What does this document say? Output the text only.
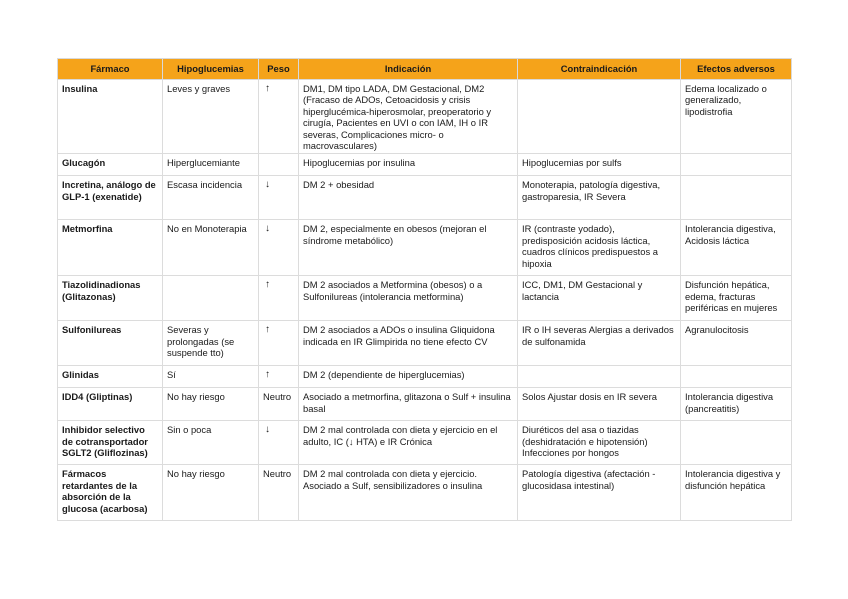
Fármaco	Hipoglucemias	Peso	Indicación	Contraindicación	Efectos adversos
Insulina	Leves y graves	↑	DM1, DM tipo LADA, DM Gestacional, DM2 (Fracaso de ADOs, Cetoacidosis y crisis hiperglucémica-hiperosmolar, preoperatorio y cirugía, Pacientes en UVI o con IAM, IH o IR severas, Complicaciones micro- o macrovasculares)		Edema localizado o generalizado, lipodistrofia
Glucagón	Hiperglucemiante		Hipoglucemias por insulina	Hipoglucemias por sulfs	
Incretina, análogo de GLP-1 (exenatide)	Escasa incidencia	↓	DM 2 + obesidad	Monoterapia, patología digestiva, gastroparesia, IR Severa	
Metmorfina	No en Monoterapia	↓	DM 2, especialmente en obesos (mejoran el síndrome metabólico)	IR (contraste yodado), predisposición acidosis láctica, cuadros clínicos predispuestos a hipoxia	Intolerancia digestiva, Acidosis láctica
Tiazolidinadionas (Glitazonas)		↑	DM 2 asociados a Metformina (obesos) o a Sulfonilureas (intolerancia metformina)	ICC, DM1, DM Gestacional y lactancia	Disfunción hepática, edema, fracturas periféricas en mujeres
Sulfonilureas	Severas y prolongadas (se suspende tto)	↑	DM 2 asociados a ADOs o insulina Gliquidona indicada en IR Glimpirida no tiene efecto CV	IR o IH severas Alergias a derivados de sulfonamida	Agranulocitosis
Glinidas	Sí	↑	DM 2 (dependiente de hiperglucemias)		
IDD4 (Gliptinas)	No hay riesgo	Neutro	Asociado a metmorfina, glitazona o Sulf + insulina basal	Solos Ajustar dosis en IR severa	Intolerancia digestiva (pancreatitis)
Inhibidor selectivo de cotransportador SGLT2 (Gliflozinas)	Sin o poca	↓	DM 2 mal controlada con dieta y ejercicio en el adulto, IC (↓ HTA) e IR Crónica	Diuréticos del asa o tiazidas (deshidratación e hipotensión) Infecciones por hongos	
Fármacos retardantes de la absorción de la glucosa (acarbosa)	No hay riesgo	Neutro	DM 2 mal controlada con dieta y ejercicio. Asociado a Sulf, sensibilizadores o insulina	Patología digestiva (afectación -glucosidasa intestinal)	Intolerancia digestiva y disfunción hepática
